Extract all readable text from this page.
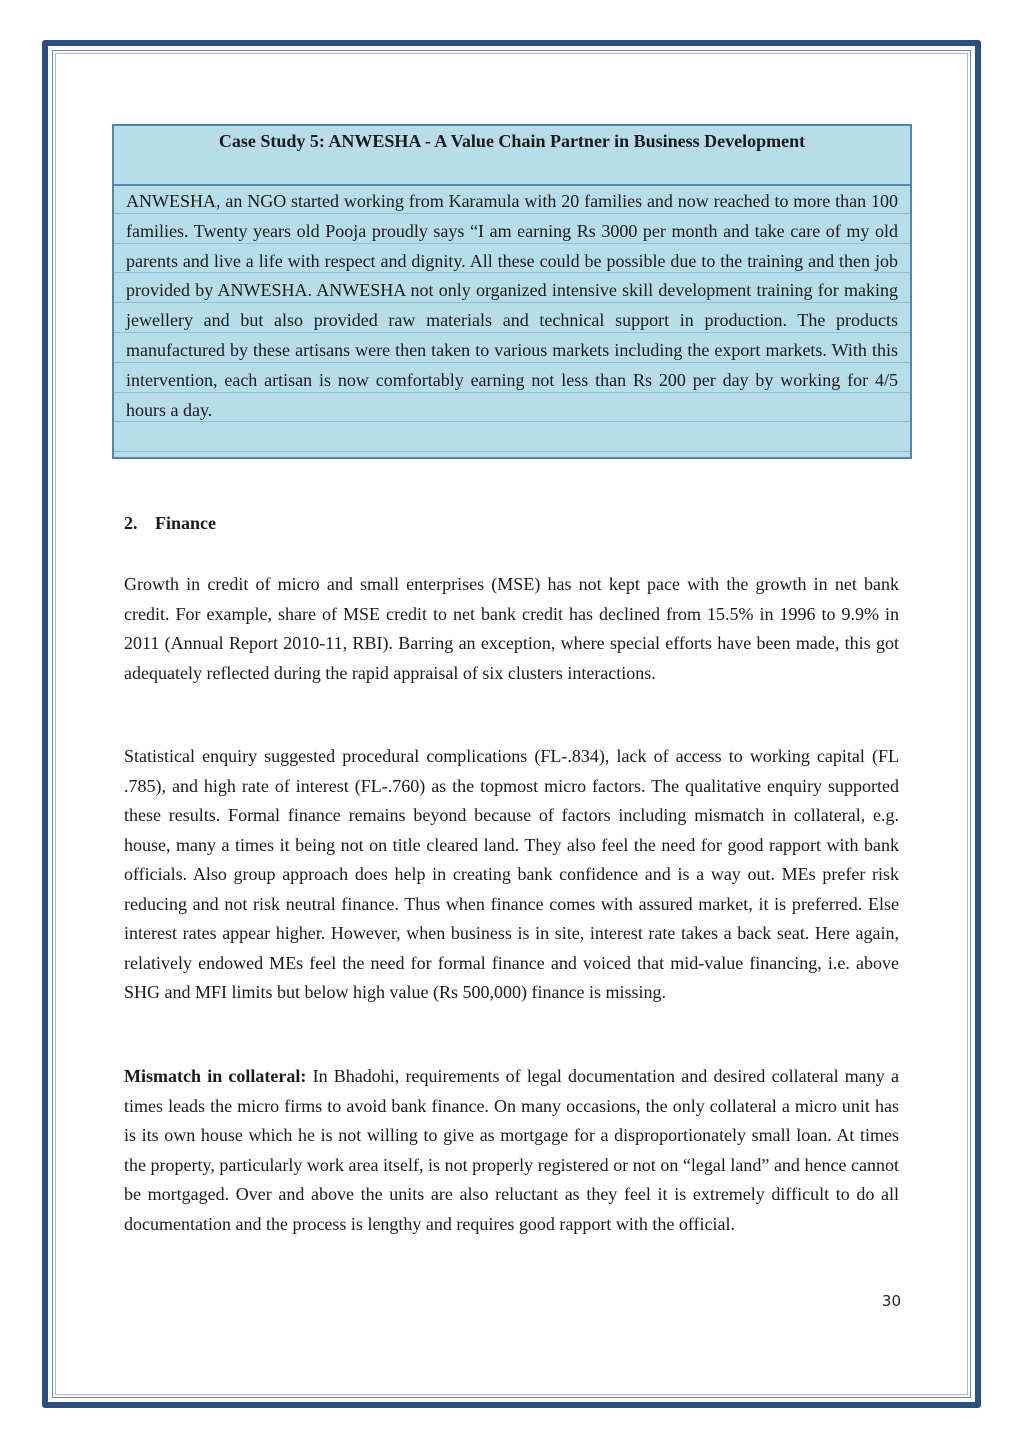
Case Study 5: ANWESHA - A Value Chain Partner in Business Development
ANWESHA, an NGO started working from Karamula with 20 families and now reached to more than 100 families. Twenty years old Pooja proudly says “I am earning Rs 3000 per month and take care of my old parents and live a life with respect and dignity. All these could be possible due to the training and then job provided by ANWESHA. ANWESHA not only organized intensive skill development training for making jewellery and but also provided raw materials and technical support in production. The products manufactured by these artisans were then taken to various markets including the export markets. With this intervention, each artisan is now comfortably earning not less than Rs 200 per day by working for 4/5 hours a day.
2. Finance
Growth in credit of micro and small enterprises (MSE) has not kept pace with the growth in net bank credit. For example, share of MSE credit to net bank credit has declined from 15.5% in 1996 to 9.9% in 2011 (Annual Report 2010-11, RBI). Barring an exception, where special efforts have been made, this got adequately reflected during the rapid appraisal of six clusters interactions.
Statistical enquiry suggested procedural complications (FL-.834), lack of access to working capital (FL .785), and high rate of interest (FL-.760) as the topmost micro factors. The qualitative enquiry supported these results. Formal finance remains beyond because of factors including mismatch in collateral, e.g. house, many a times it being not on title cleared land. They also feel the need for good rapport with bank officials. Also group approach does help in creating bank confidence and is a way out. MEs prefer risk reducing and not risk neutral finance. Thus when finance comes with assured market, it is preferred. Else interest rates appear higher. However, when business is in site, interest rate takes a back seat. Here again, relatively endowed MEs feel the need for formal finance and voiced that mid-value financing, i.e. above SHG and MFI limits but below high value (Rs 500,000) finance is missing.
Mismatch in collateral: In Bhadohi, requirements of legal documentation and desired collateral many a times leads the micro firms to avoid bank finance. On many occasions, the only collateral a micro unit has is its own house which he is not willing to give as mortgage for a disproportionately small loan. At times the property, particularly work area itself, is not properly registered or not on “legal land” and hence cannot be mortgaged. Over and above the units are also reluctant as they feel it is extremely difficult to do all documentation and the process is lengthy and requires good rapport with the official.
30
